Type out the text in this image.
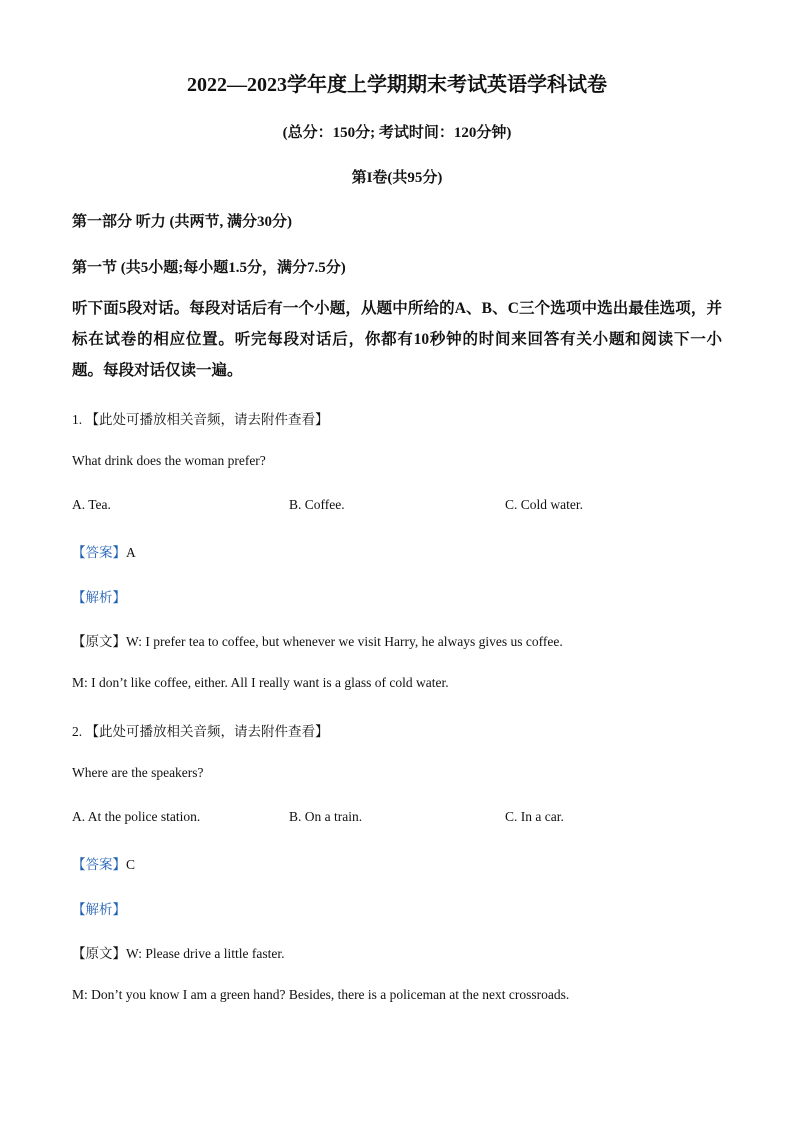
2022—2023学年度上学期期末考试英语学科试卷
(总分：150分; 考试时间：120分钟)
第I卷(共95分)
第一部分 听力 (共两节, 满分30分)
第一节 (共5小题;每小题1.5分，满分7.5分)
听下面5段对话。每段对话后有一个小题，从题中所给的A、B、C三个选项中选出最佳选项，并标在试卷的相应位置。听完每段对话后，你都有10秒钟的时间来回答有关小题和阅读下一小题。每段对话仅读一遍。
1. 【此处可播放相关音频，请去附件查看】
What drink does the woman prefer?
A. Tea.	B. Coffee.	C. Cold water.
【答案】A
【解析】
【原文】W: I prefer tea to coffee, but whenever we visit Harry, he always gives us coffee.
M: I don’t like coffee, either. All I really want is a glass of cold water.
2. 【此处可播放相关音频，请去附件查看】
Where are the speakers?
A. At the police station.	B. On a train.	C. In a car.
【答案】C
【解析】
【原文】W: Please drive a little faster.
M: Don’t you know I am a green hand? Besides, there is a policeman at the next crossroads.
